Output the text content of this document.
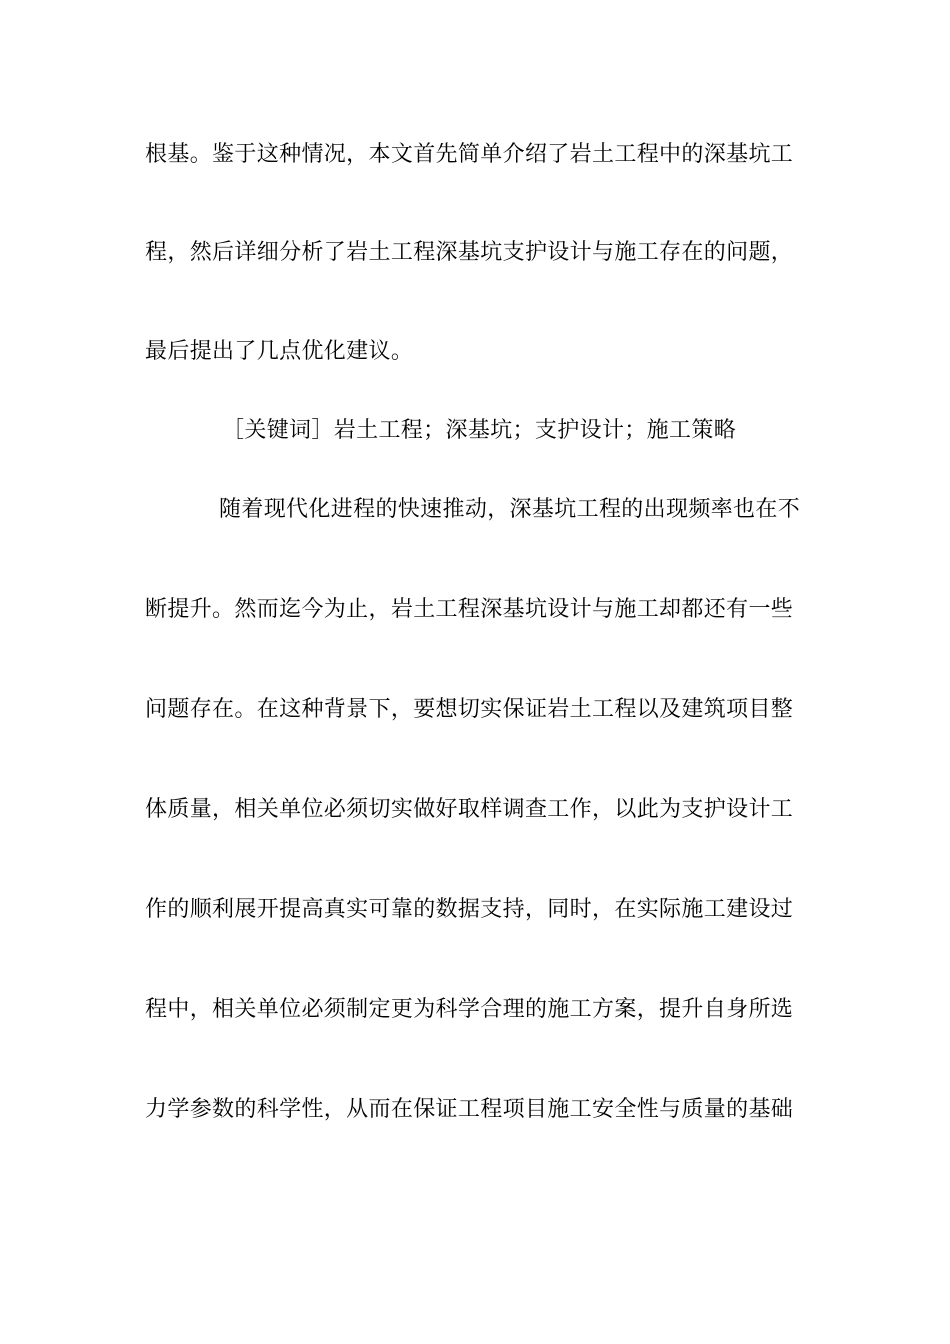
根基。鉴于这种情况，本文首先简单介绍了岩土工程中的深基坑工
程，然后详细分析了岩土工程深基坑支护设计与施工存在的问题，
最后提出了几点优化建议。
［关键词］岩土工程；深基坑；支护设计；施工策略
随着现代化进程的快速推动，深基坑工程的出现频率也在不
断提升。然而迄今为止，岩土工程深基坑设计与施工却都还有一些
问题存在。在这种背景下，要想切实保证岩土工程以及建筑项目整
体质量，相关单位必须切实做好取样调查工作，以此为支护设计工
作的顺利展开提高真实可靠的数据支持，同时，在实际施工建设过
程中，相关单位必须制定更为科学合理的施工方案，提升自身所选
力学参数的科学性，从而在保证工程项目施工安全性与质量的基础
